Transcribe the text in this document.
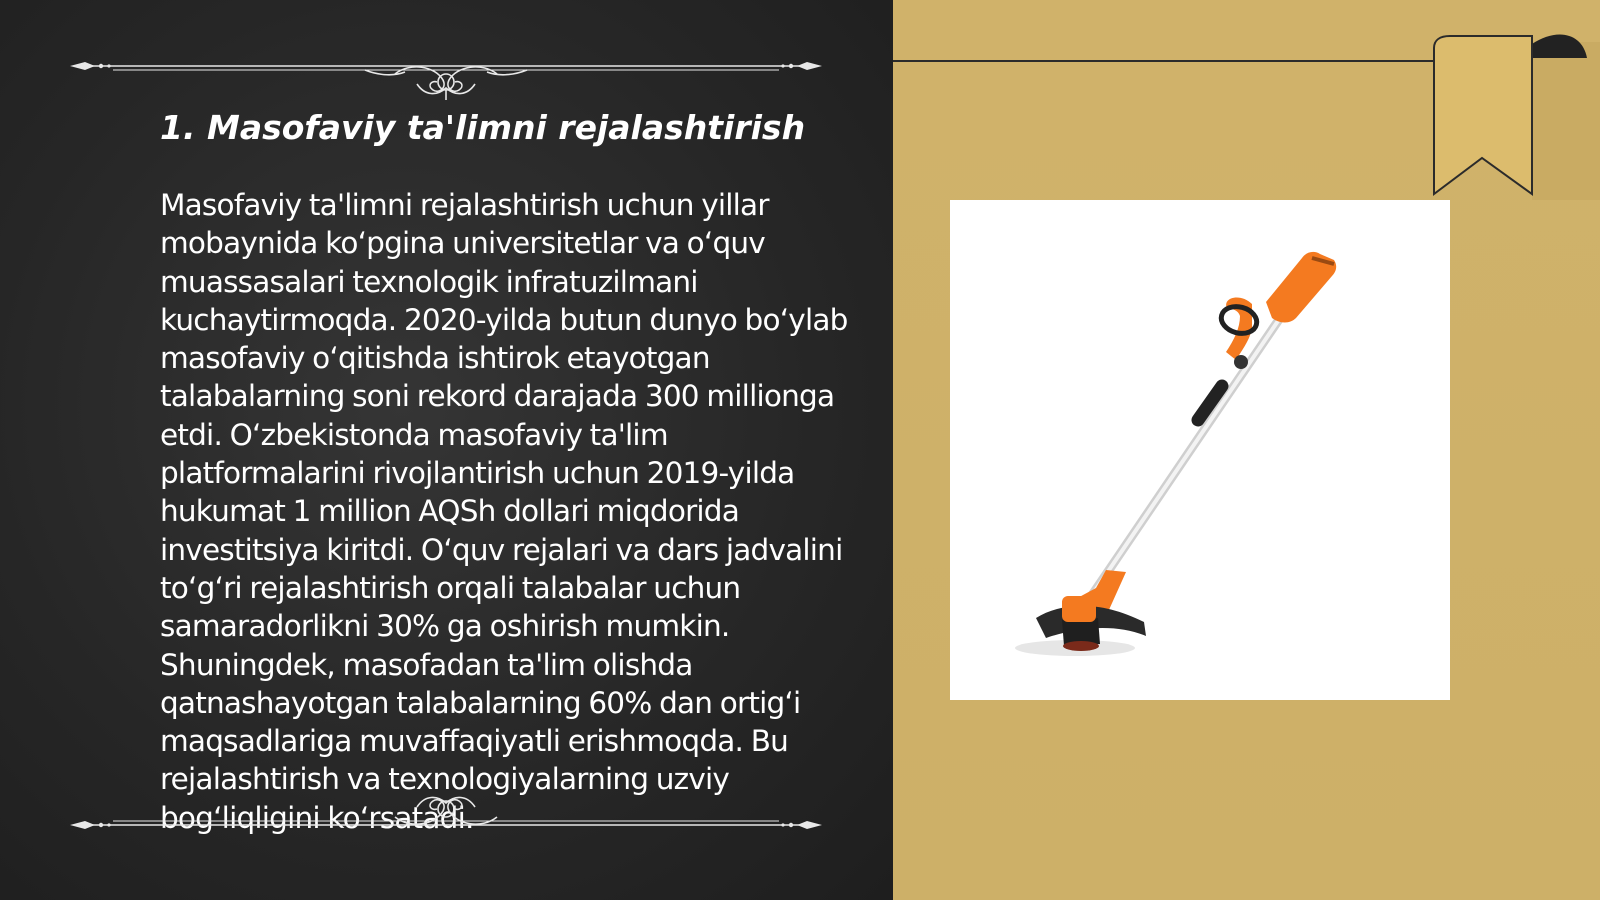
1. Masofaviy ta'limni rejalashtirish

Masofaviy ta'limni rejalashtirish uchun yillar mobaynida ko‘pgina universitetlar va o‘quv muassasalari texnologik infratuzilmani kuchaytirmoqda. 2020-yilda butun dunyo bo‘ylab masofaviy o‘qitishda ishtirok etayotgan talabalarning soni rekord darajada 300 millionga etdi. O‘zbekistonda masofaviy ta'lim platformalarini rivojlantirish uchun 2019-yilda hukumat 1 million AQSh dollari miqdorida investitsiya kiritdi. O‘quv rejalari va dars jadvalini to‘g‘ri rejalashtirish orqali talabalar uchun samaradorlikni 30% ga oshirish mumkin. Shuningdek, masofadan ta'lim olishda qatnashayotgan talabalarning 60% dan ortig‘i maqsadlariga muvaffaqiyatli erishmoqda. Bu rejalashtirish va texnologiyalarning uzviy bog‘liqligini ko‘rsatadi.
